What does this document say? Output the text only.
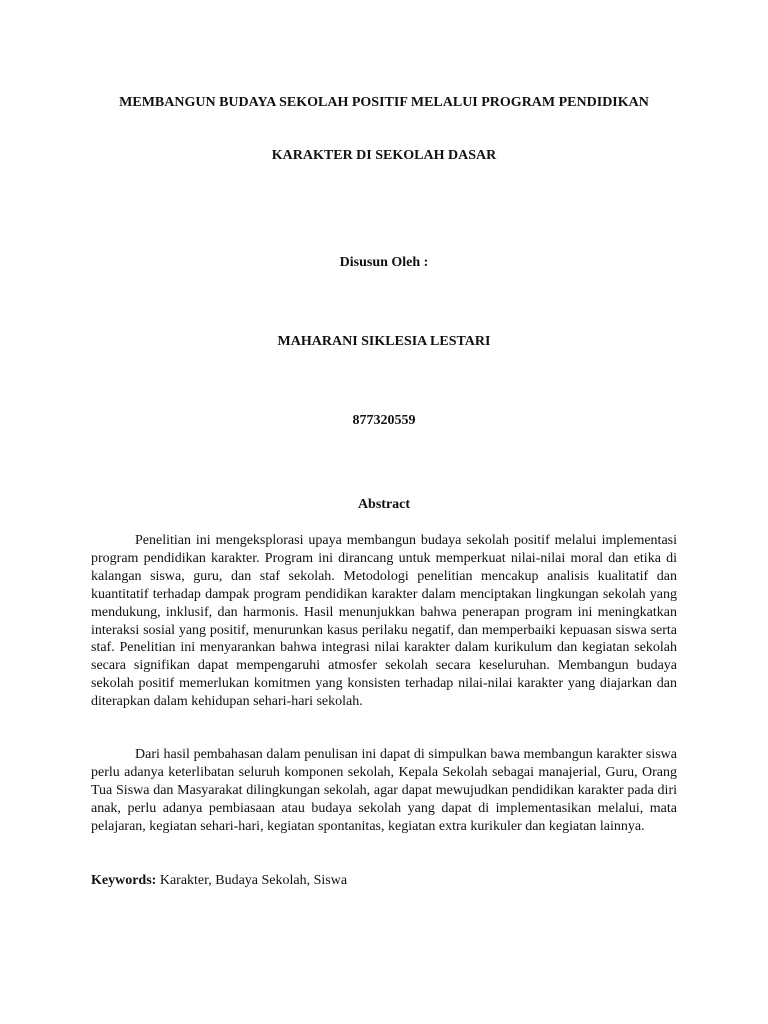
MEMBANGUN BUDAYA SEKOLAH POSITIF MELALUI PROGRAM PENDIDIKAN

KARAKTER DI SEKOLAH DASAR

Disusun Oleh :

MAHARANI SIKLESIA LESTARI

877320559

Abstract

Penelitian ini mengeksplorasi upaya membangun budaya sekolah positif melalui implementasi program pendidikan karakter. Program ini dirancang untuk memperkuat nilai-nilai moral dan etika di kalangan siswa, guru, dan staf sekolah. Metodologi penelitian mencakup analisis kualitatif dan kuantitatif terhadap dampak program pendidikan karakter dalam menciptakan lingkungan sekolah yang mendukung, inklusif, dan harmonis. Hasil menunjukkan bahwa penerapan program ini meningkatkan interaksi sosial yang positif, menurunkan kasus perilaku negatif, dan memperbaiki kepuasan siswa serta staf. Penelitian ini menyarankan bahwa integrasi nilai karakter dalam kurikulum dan kegiatan sekolah secara signifikan dapat mempengaruhi atmosfer sekolah secara keseluruhan. Membangun budaya sekolah positif memerlukan komitmen yang konsisten terhadap nilai-nilai karakter yang diajarkan dan diterapkan dalam kehidupan sehari-hari sekolah.

Dari hasil pembahasan dalam penulisan ini dapat di simpulkan bawa membangun karakter siswa perlu adanya keterlibatan seluruh komponen sekolah, Kepala Sekolah sebagai manajerial, Guru, Orang Tua Siswa dan Masyarakat dilingkungan sekolah, agar dapat mewujudkan pendidikan karakter pada diri anak, perlu adanya pembiasaan atau budaya sekolah yang dapat di implementasikan melalui, mata pelajaran, kegiatan sehari-hari, kegiatan spontanitas, kegiatan extra kurikuler dan kegiatan lainnya.

Keywords: Karakter, Budaya Sekolah, Siswa
